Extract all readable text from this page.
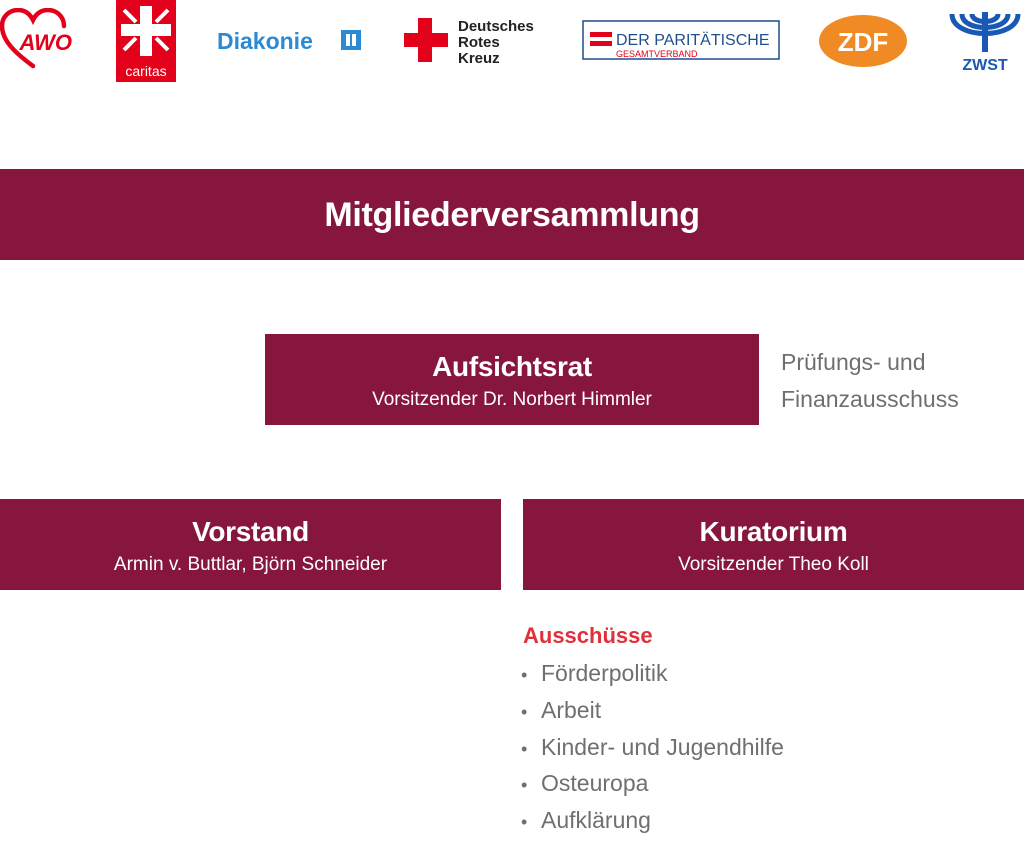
AWO
caritas
Diakonie
Deutsches
Rotes
Kreuz
DER PARITÄTISCHE
GESAMTVERBAND	ZDF
ZWST
Mitgliederversammlung
Aufsichtsrat
Vorsitzender Dr. Norbert Himmler
Prüfungs- und
Finanzausschuss
Vorstand
Armin v. Buttlar, Björn Schneider
Kuratorium
Vorsitzender Theo Koll
Ausschüsse
• Förderpolitik
• Arbeit
• Kinder- und Jugendhilfe
• Osteuropa
• Aufklärung
